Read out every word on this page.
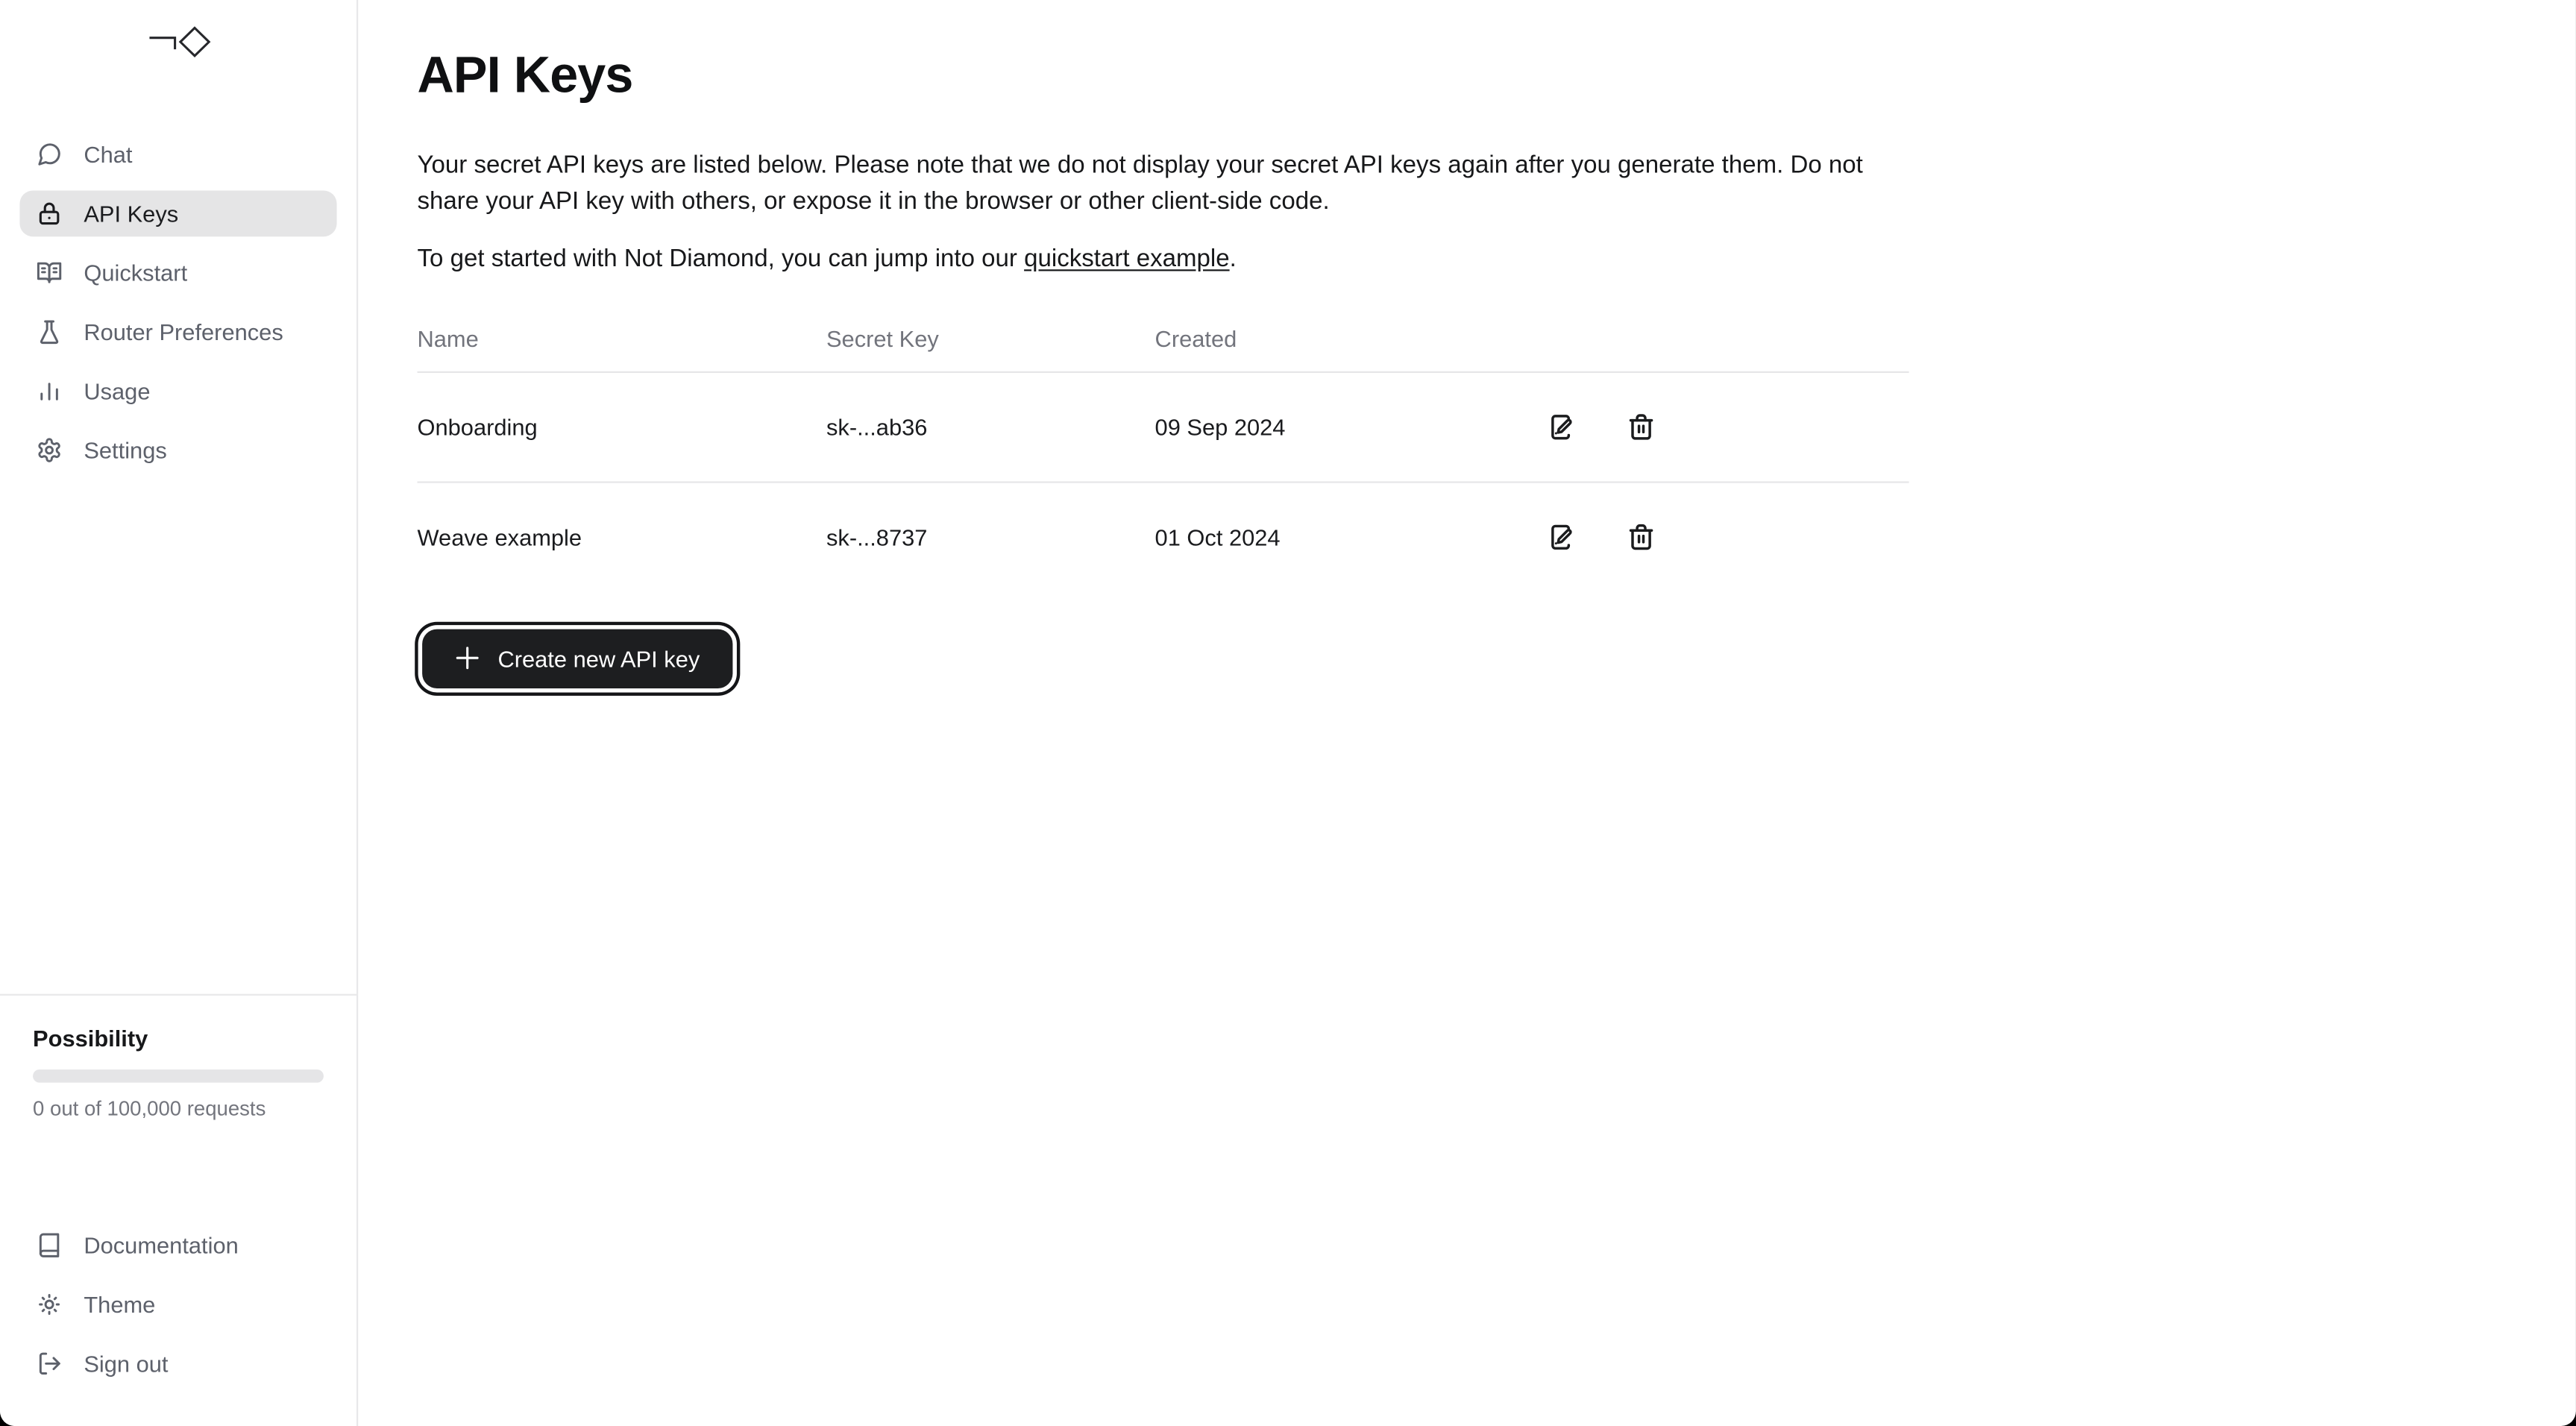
Chat
API Keys
Quickstart
Router Preferences
Usage
Settings
Possibility
0 out of 100,000 requests
Documentation
Theme
Sign out
API Keys

Your secret API keys are listed below. Please note that we do not display your secret API keys again after you generate them. Do not share your API key with others, or expose it in the browser or other client-side code.

To get started with Not Diamond, you can jump into our quickstart example.

Name	Secret Key	Created
Onboarding	sk-...ab36	09 Sep 2024
Weave example	sk-...8737	01 Oct 2024
Create new API key
